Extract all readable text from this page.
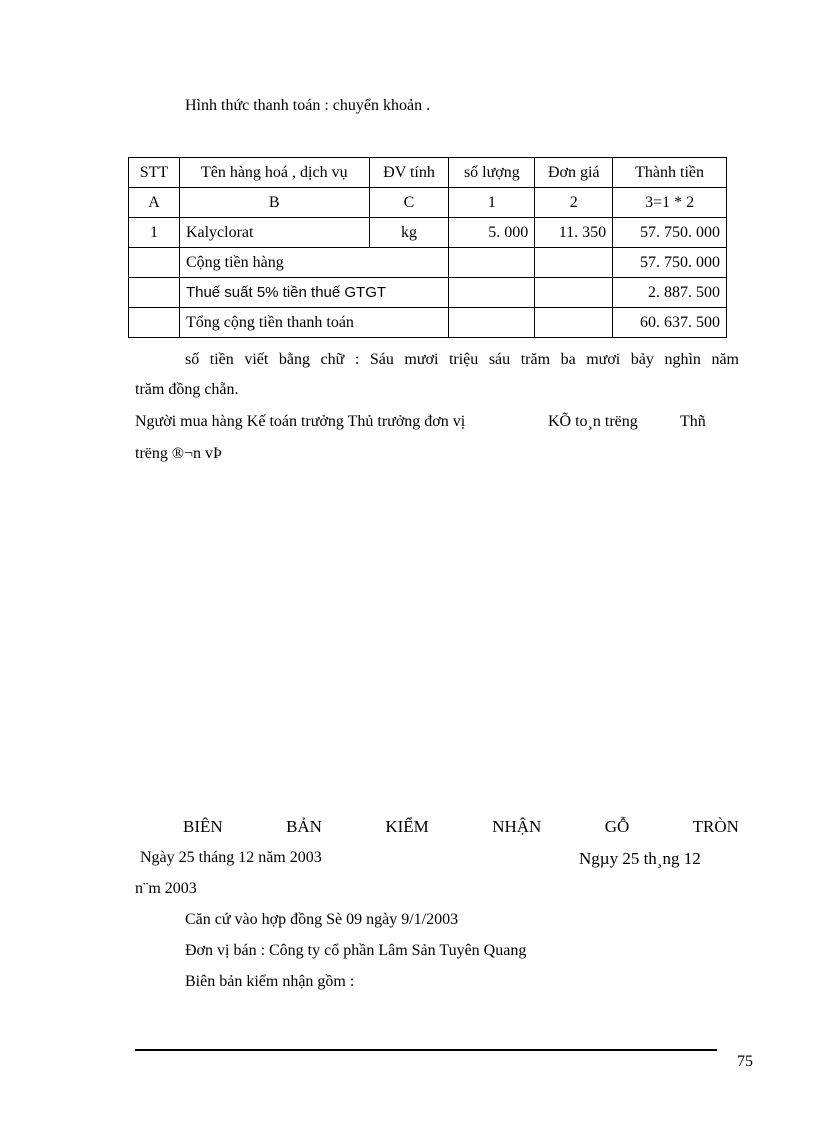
Hình thức thanh toán : chuyển khoản .
STT	Tên hàng hoá , dịch vụ	ĐV tính	số lượng	Đơn giá	Thành tiền
A	B	C	1	2	3=1 * 2
1	Kalyclorat	kg	5. 000	11. 350	57. 750. 000
	Cộng tiền hàng				57. 750. 000
	Thuế suất 5% tiền thuế GTGT				2. 887. 500
	Tổng cộng tiền thanh toán				60. 637. 500
số tiền viết bằng chữ : Sáu mươi triệu sáu trăm ba mươi bảy nghìn năm
trăm đồng chẵn.
Người mua hàng Kế toán trưởng Thủ trưởng đơn vị	KÕ to¸n trëng	Thñ
trëng ®¬n vÞ
BIÊN	BẢN	KIỂM	NHẬN	GỖ	TRÒN
Ngày 25 tháng 12 năm 2003	Ngµy 25 th¸ng 12
n¨m 2003
Căn cứ vào hợp đồng Sè 09 ngày 9/1/2003
Đơn vị bán : Công ty cổ phần Lâm Sản Tuyên Quang
Biên bản kiểm nhận gồm :
75
